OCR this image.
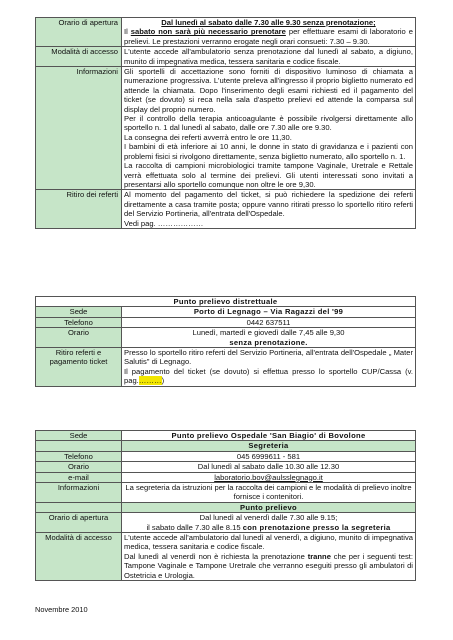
Orario di apertura	Dal lunedì al sabato dalle 7.30 alle 9.30 senza prenotazione;

Il sabato non sarà più necessario prenotare per effettuare esami di laboratorio e prelievi. Le prestazioni verranno erogate negli orari consueti: 7.30 – 9.30.

Modalità di accesso	L'utente accede all'ambulatorio senza prenotazione dal lunedì al sabato, a digiuno, munito di impegnativa medica, tessera sanitaria e codice fiscale.
Informazioni	Gli sportelli di accettazione sono forniti di dispositivo luminoso di chiamata a numerazione progressiva. L'utente preleva all'ingresso il proprio biglietto numerato ed attende la chiamata. Dopo l'inserimento degli esami richiesti ed il pagamento del ticket (se dovuto) si reca nella sala d'aspetto prelievi ed attende la comparsa sul display del proprio numero.

Per il controllo della terapia anticoagulante è possibile rivolgersi direttamente allo sportello n. 1 dal lunedì al sabato, dalle ore 7.30 alle ore 9.30.

La consegna dei referti avverrà entro le ore 11,30.

I bambini di età inferiore ai 10 anni, le donne in stato di gravidanza e i pazienti con problemi fisici si rivolgono direttamente, senza biglietto numerato, allo sportello n. 1.

La raccolta di campioni microbiologici tramite tampone Vaginale, Uretrale e Rettale verrà effettuata solo al termine dei prelievi. Gli utenti interessati sono invitati a presentarsi allo sportello comunque non oltre le ore 9,30.

Ritiro dei referti	Al momento del pagamento del ticket, si può richiedere la spedizione dei referti direttamente a casa tramite posta; oppure vanno ritirati presso lo sportello ritiro referti del Servizio Portineria, all'entrata dell'Ospedale.

Vedi pag. ………………

Punto prelievo distrettuale	
Sede	Porto di Legnago – Via Ragazzi del '99
Telefono	0442 637511
Orario	Lunedì, martedì e giovedì dalle 7,45 alle 9,30

senza prenotazione.

Ritiro referti e pagamento ticket	Presso lo sportello ritiro referti del Servizio Portineria, all'entrata dell'Ospedale „ Mater Salutis" di Legnago.

Il pagamento del ticket (se dovuto) si effettua presso lo sportello CUP/Cassa (v. pag.………)

Sede	Punto prelievo Ospedale 'San Biagio' di Bovolone
	Segreteria
Telefono	045 6999611 - 581
Orario	Dal lunedì al sabato dalle 10.30 alle 12.30
e-mail	laboratorio.bov@aulsslegnago.it
Informazioni	La segreteria da istruzioni per la raccolta dei campioni e le modalità di prelievo inoltre fornisce i contenitori.
	Punto prelievo
Orario di apertura	Dal lunedì al venerdì dalle 7.30 alle 9.15;

il sabato dalle 7.30 alle 8.15 con prenotazione presso la segreteria

Modalità di accesso	L'utente accede all'ambulatorio dal lunedì al venerdì, a digiuno, munito di impegnativa medica, tessera sanitaria e codice fiscale.

Dal lunedì al venerdì non è richiesta la prenotazione tranne che per i seguenti test: Tampone Vaginale e Tampone Uretrale che verranno eseguiti presso gli ambulatori di Ostetricia e Urologia.

Novembre 2010
